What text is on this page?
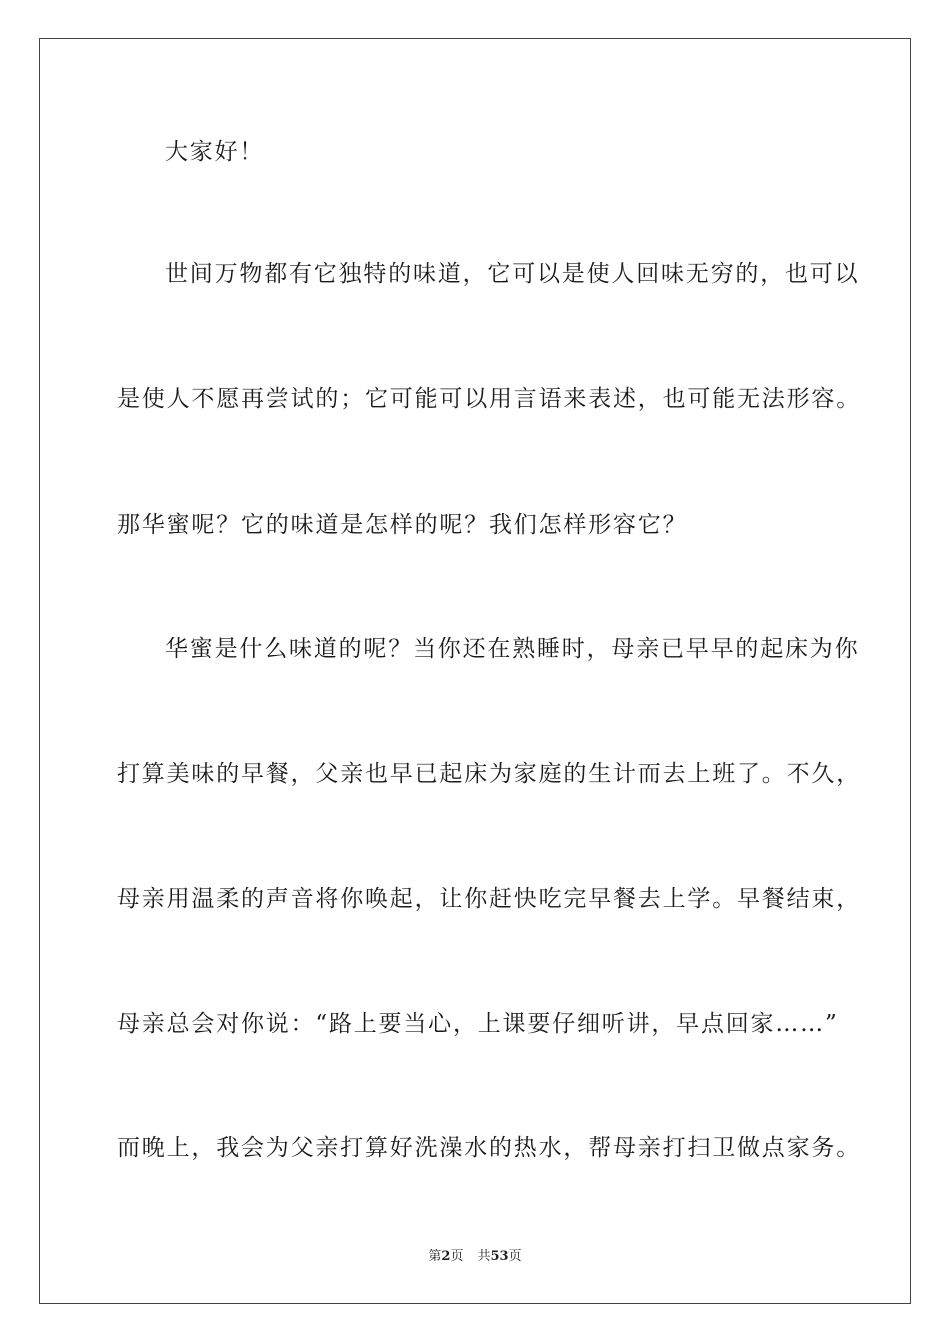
大家好！
世间万物都有它独特的味道，它可以是使人回味无穷的，也可以
是使人不愿再尝试的；它可能可以用言语来表述，也可能无法形容。
那华蜜呢？它的味道是怎样的呢？我们怎样形容它？
华蜜是什么味道的呢？当你还在熟睡时，母亲已早早的起床为你
打算美味的早餐，父亲也早已起床为家庭的生计而去上班了。不久，
母亲用温柔的声音将你唤起，让你赶快吃完早餐去上学。早餐结束，
母亲总会对你说：“路上要当心，上课要仔细听讲，早点回家……”
而晚上，我会为父亲打算好洗澡水的热水，帮母亲打扫卫做点家务。
第2页 共53页
